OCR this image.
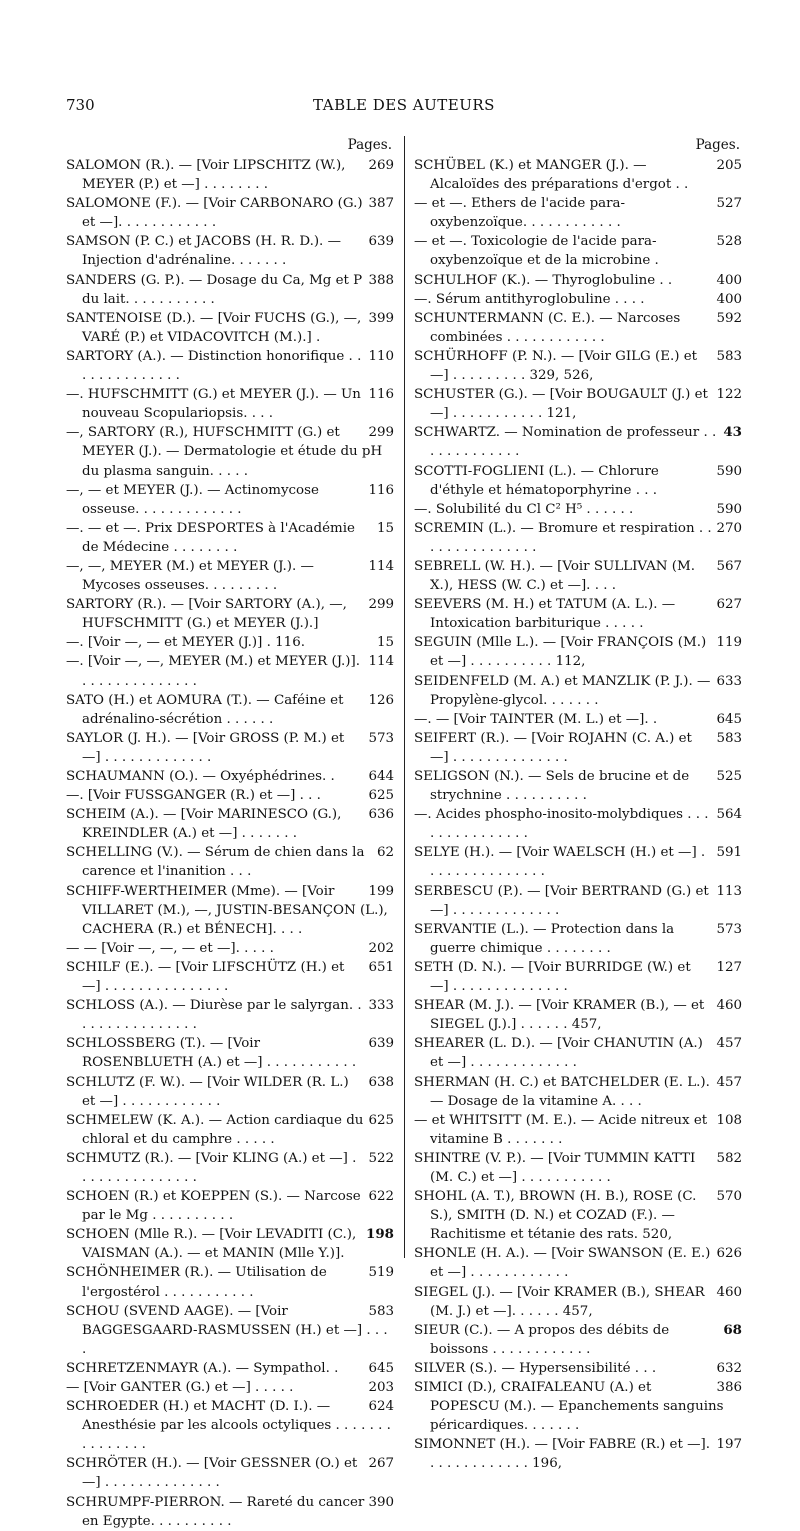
730	TABLE DES AUTEURS
Pages.
269
SALOMON (R.). — [Voir LIPSCHITZ (W.), MEYER (P.) et —] . . . . . . . .
387
SALOMONE (F.). — [Voir CARBONARO (G.) et —]. . . . . . . . . . . .
639
SAMSON (P. C.) et JACOBS (H. R. D.). — Injection d'adrénaline. . . . . . .
388
SANDERS (G. P.). — Dosage du Ca, Mg et P du lait. . . . . . . . . . .
399
SANTENOISE (D.). — [Voir FUCHS (G.), —, VARÉ (P.) et VIDACOVITCH (M.).] .
110
SARTORY (A.). — Distinction honorifique . . . . . . . . . . . . . .
116
—. HUFSCHMITT (G.) et MEYER (J.). — Un nouveau Scopulariopsis. . . .
299
—, SARTORY (R.), HUFSCHMITT (G.) et MEYER (J.). — Dermatologie et étude du pH du plasma sanguin. . . . .
116
—, — et MEYER (J.). — Actinomycose osseuse. . . . . . . . . . . . .
15
—. — et —. Prix DESPORTES à l'Académie de Médecine . . . . . . . .
114
—, —, MEYER (M.) et MEYER (J.). — Mycoses osseuses. . . . . . . . .
299
SARTORY (R.). — [Voir SARTORY (A.), —, HUFSCHMITT (G.) et MEYER (J.).]
15
—. [Voir —, — et MEYER (J.)] . 116.
114
—. [Voir —, —, MEYER (M.) et MEYER (J.)]. . . . . . . . . . . . . . .
126
SATO (H.) et AOMURA (T.). — Caféine et adrénalino-sécrétion . . . . . .
573
SAYLOR (J. H.). — [Voir GROSS (P. M.) et —] . . . . . . . . . . . . .
644
SCHAUMANN (O.). — Oxyéphédrines. .
625
—. [Voir FUSSGANGER (R.) et —] . . .
636
SCHEIM (A.). — [Voir MARINESCO (G.), KREINDLER (A.) et —] . . . . . . .
62
SCHELLING (V.). — Sérum de chien dans la carence et l'inanition . . .
199
SCHIFF-WERTHEIMER (Mme). — [Voir VILLARET (M.), —, JUSTIN-BESANÇON (L.), CACHERA (R.) et BÉNECH]. . . .
202
— — [Voir —, —, — et —]. . . . .
651
SCHILF (E.). — [Voir LIFSCHÜTZ (H.) et —] . . . . . . . . . . . . . . .
333
SCHLOSS (A.). — Diurèse par le salyrgan. . . . . . . . . . . . . . . .
639
SCHLOSSBERG (T.). — [Voir ROSENBLUETH (A.) et —] . . . . . . . . . . .
638
SCHLUTZ (F. W.). — [Voir WILDER (R. L.) et —] . . . . . . . . . . . .
625
SCHMELEW (K. A.). — Action cardiaque du chloral et du camphre . . . . .
522
SCHMUTZ (R.). — [Voir KLING (A.) et —] . . . . . . . . . . . . . . .
622
SCHOEN (R.) et KOEPPEN (S.). — Narcose par le Mg . . . . . . . . . .
198
SCHOEN (Mlle R.). — [Voir LEVADITI (C.), VAISMAN (A.). — et MANIN (Mlle Y.)].
519
SCHÖNHEIMER (R.). — Utilisation de l'ergostérol . . . . . . . . . . .
583
SCHOU (SVEND AAGE). — [Voir BAGGESGAARD-RASMUSSEN (H.) et —] . . . .
645
SCHRETZENMAYR (A.). — Sympathol. .
203
— [Voir GANTER (G.) et —] . . . . .
624
SCHROEDER (H.) et MACHT (D. I.). — Anesthésie par les alcools octyliques . . . . . . . . . . . . . . .
267
SCHRÖTER (H.). — [Voir GESSNER (O.) et —] . . . . . . . . . . . . . .
390
SCHRUMPF-PIERRON. — Rareté du cancer en Egypte. . . . . . . . . .
Pages.
205
SCHÜBEL (K.) et MANGER (J.). — Alcaloïdes des préparations d'ergot . .
527
— et —. Ethers de l'acide para-oxybenzoïque. . . . . . . . . . . .
528
— et —. Toxicologie de l'acide para-oxybenzoïque et de la microbine .
400
SCHULHOF (K.). — Thyroglobuline . .
400
—. Sérum antithyroglobuline . . . .
592
SCHUNTERMANN (C. E.). — Narcoses combinées . . . . . . . . . . . .
583
SCHÜRHOFF (P. N.). — [Voir GILG (E.) et —] . . . . . . . . . 329, 526,
122
SCHUSTER (G.). — [Voir BOUGAULT (J.) et —] . . . . . . . . . . . 121,
43
SCHWARTZ. — Nomination de professeur . . . . . . . . . . . . .
590
SCOTTI-FOGLIENI (L.). — Chlorure d'éthyle et hématoporphyrine . . .
590
—. Solubilité du Cl C² H⁵ . . . . . .
270
SCREMIN (L.). — Bromure et respiration . . . . . . . . . . . . . . .
567
SEBRELL (W. H.). — [Voir SULLIVAN (M. X.), HESS (W. C.) et —]. . . .
627
SEEVERS (M. H.) et TATUM (A. L.). — Intoxication barbiturique . . . . .
119
SEGUIN (Mlle L.). — [Voir FRANÇOIS (M.) et —] . . . . . . . . . . 112,
633
SEIDENFELD (M. A.) et MANZLIK (P. J.). — Propylène-glycol. . . . . . .
645
—. — [Voir TAINTER (M. L.) et —]. .
583
SEIFERT (R.). — [Voir ROJAHN (C. A.) et —] . . . . . . . . . . . . . .
525
SELIGSON (N.). — Sels de brucine et de strychnine . . . . . . . . . .
564
—. Acides phospho-inosito-molybdiques . . . . . . . . . . . . . . .
591
SELYE (H.). — [Voir WAELSCH (H.) et —] . . . . . . . . . . . . . . .
113
SERBESCU (P.). — [Voir BERTRAND (G.) et —] . . . . . . . . . . . . .
573
SERVANTIE (L.). — Protection dans la guerre chimique . . . . . . . .
127
SETH (D. N.). — [Voir BURRIDGE (W.) et —] . . . . . . . . . . . . . .
460
SHEAR (M. J.). — [Voir KRAMER (B.), — et SIEGEL (J.).] . . . . . . 457,
457
SHEARER (L. D.). — [Voir CHANUTIN (A.) et —] . . . . . . . . . . . . .
457
SHERMAN (H. C.) et BATCHELDER (E. L.). — Dosage de la vitamine A. . . .
108
— et WHITSITT (M. E.). — Acide nitreux et vitamine B . . . . . . .
582
SHINTRE (V. P.). — [Voir TUMMIN KATTI (M. C.) et —] . . . . . . . . . . .
570
SHOHL (A. T.), BROWN (H. B.), ROSE (C. S.), SMITH (D. N.) et COZAD (F.). — Rachitisme et tétanie des rats. 520,
626
SHONLE (H. A.). — [Voir SWANSON (E. E.) et —] . . . . . . . . . . . .
460
SIEGEL (J.). — [Voir KRAMER (B.), SHEAR (M. J.) et —]. . . . . . 457,
68
SIEUR (C.). — A propos des débits de boissons . . . . . . . . . . . .
632
SILVER (S.). — Hypersensibilité . . .
386
SIMICI (D.), CRAIFALEANU (A.) et POPESCU (M.). — Epanchements sanguins péricardiques. . . . . . .
197
SIMONNET (H.). — [Voir FABRE (R.) et —]. . . . . . . . . . . . . 196,
